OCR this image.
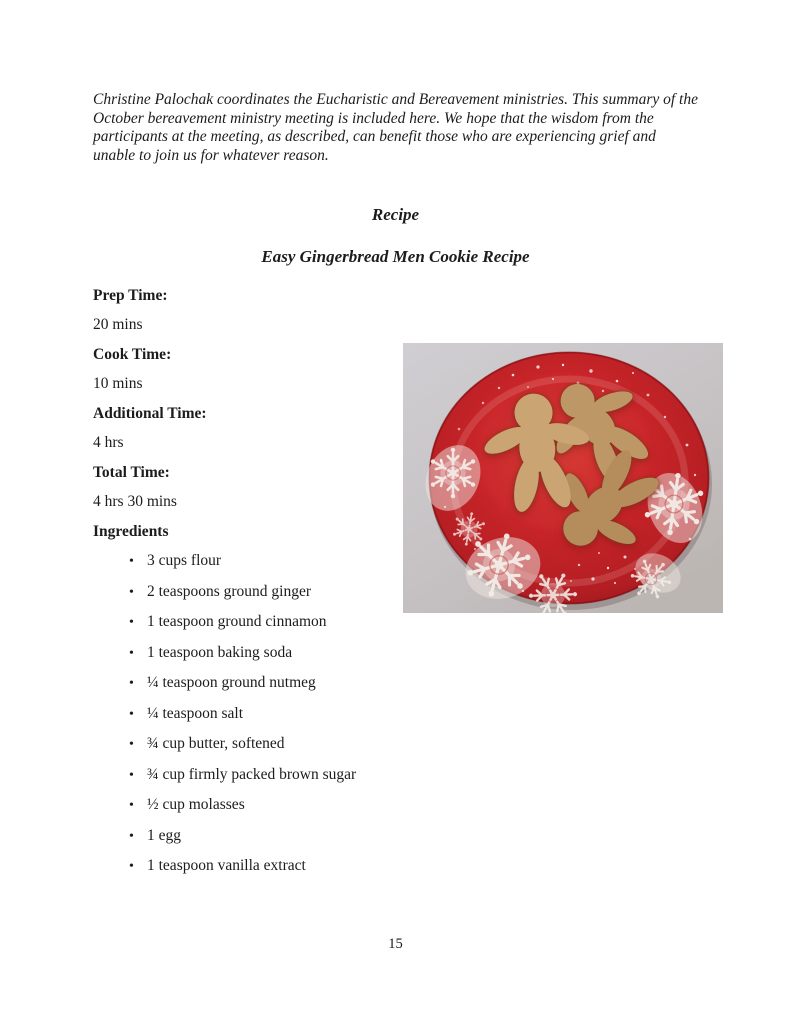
Christine Palochak coordinates the Eucharistic and Bereavement ministries. This summary of the October bereavement ministry meeting is included here. We hope that the wisdom from the participants at the meeting, as described, can benefit those who are experiencing grief and unable to join us for whatever reason.

Recipe
Easy Gingerbread Men Cookie Recipe
Prep Time:
20 mins
Cook Time:
10 mins
Additional Time:
4 hrs
Total Time:
4 hrs 30 mins
Ingredients
• 3 cups flour
• 2 teaspoons ground ginger
• 1 teaspoon ground cinnamon
• 1 teaspoon baking soda
• ¼ teaspoon ground nutmeg
• ¼ teaspoon salt
• ¾ cup butter, softened
• ¾ cup firmly packed brown sugar
• ½ cup molasses
• 1 egg
• 1 teaspoon vanilla extract
15
